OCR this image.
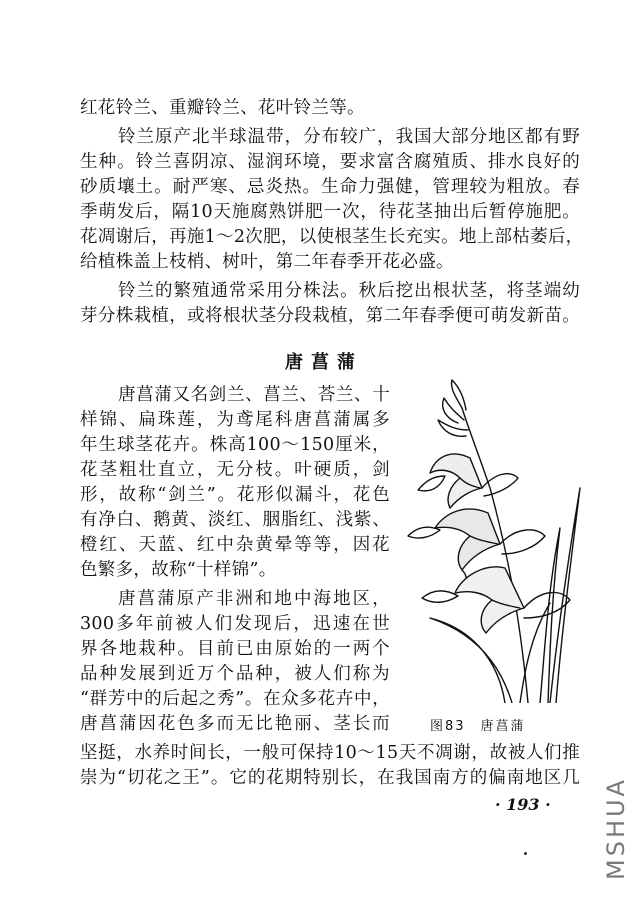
红花铃兰、重瓣铃兰、花叶铃兰等。
铃兰原产北半球温带，分布较广，我国大部分地区都有野
生种。铃兰喜阴凉、湿润环境，要求富含腐殖质、排水良好的
砂质壤土。耐严寒、忌炎热。生命力强健，管理较为粗放。春
季萌发后，隔10天施腐熟饼肥一次，待花茎抽出后暂停施肥。
花凋谢后，再施1～2次肥，以使根茎生长充实。地上部枯萎后，
给植株盖上枝梢、树叶，第二年春季开花必盛。
铃兰的繁殖通常采用分株法。秋后挖出根状茎，将茎端幼
芽分株栽植，或将根状茎分段栽植，第二年春季便可萌发新苗。
唐菖蒲
唐菖蒲又名剑兰、菖兰、荅兰、十
样锦、扁珠莲，为鸢尾科唐菖蒲属多
年生球茎花卉。株高100～150厘米，
花茎粗壮直立，无分枝。叶硬质，剑
形，故称“剑兰”。花形似漏斗，花色
有净白、鹅黄、淡红、胭脂红、浅紫、
橙红、天蓝、红中杂黄晕等等，因花
色繁多，故称“十样锦”。
唐菖蒲原产非洲和地中海地区，
300多年前被人们发现后，迅速在世
界各地栽种。目前已由原始的一两个
品种发展到近万个品种，被人们称为
“群芳中的后起之秀”。在众多花卉中，
唐菖蒲因花色多而无比艳丽、茎长而
坚挺，水养时间长，一般可保持10～15天不凋谢，故被人们推
崇为“切花之王”。它的花期特别长，在我国南方的偏南地区几
图83　唐菖蒲
· 193 · MSHUA
